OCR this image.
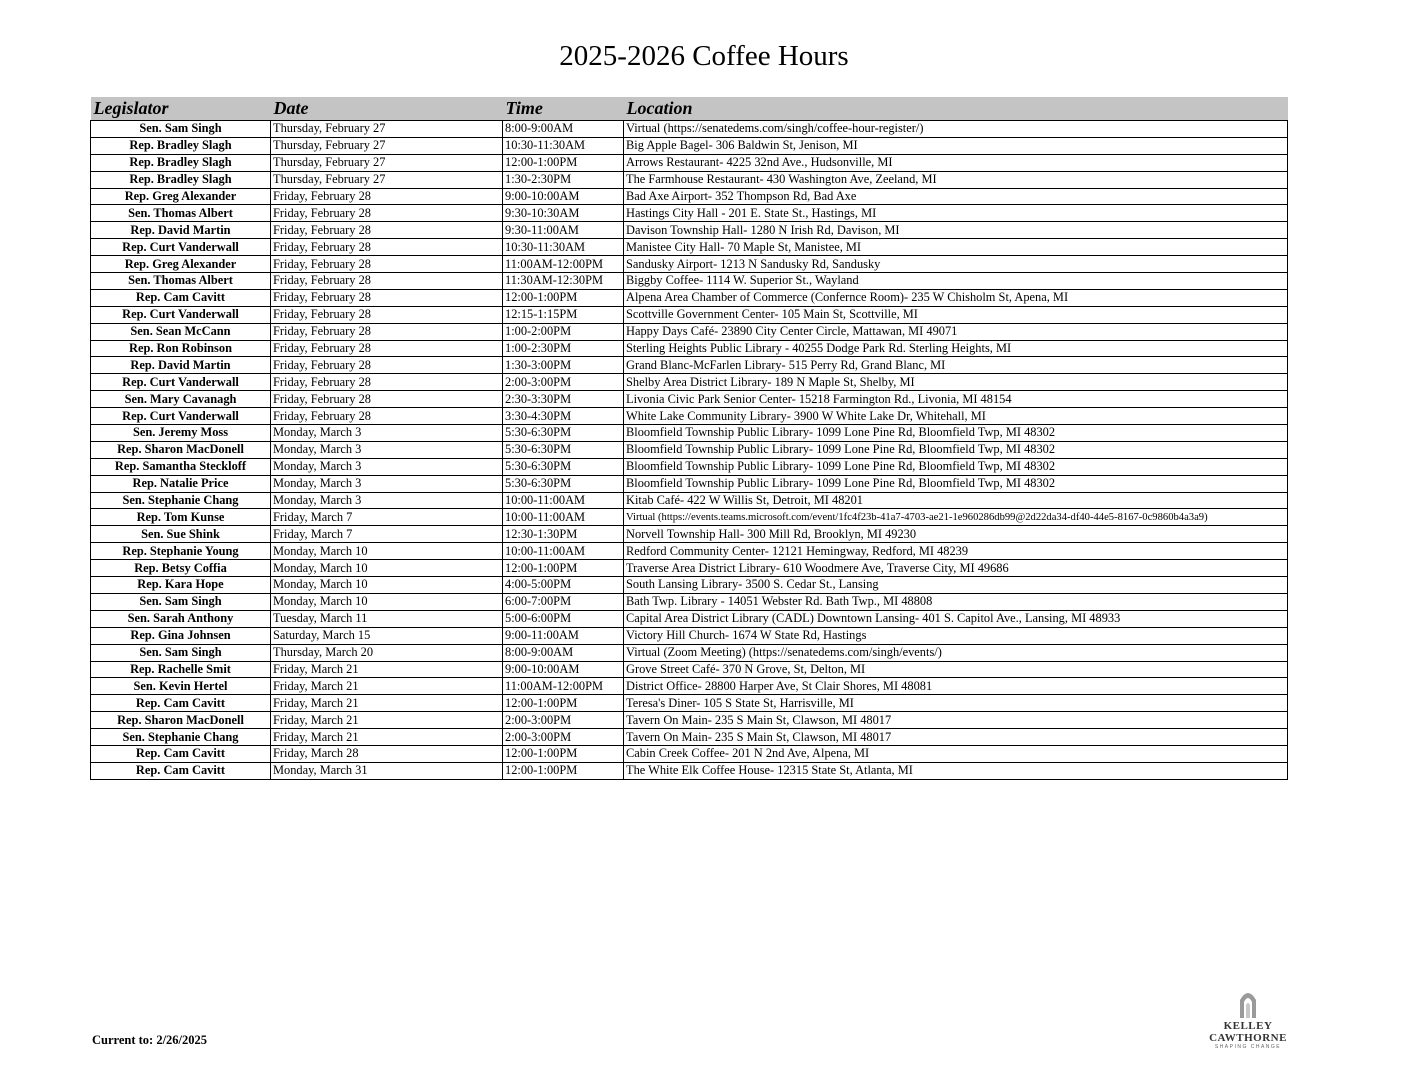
2025-2026 Coffee Hours
Legislator	Date	Time	Location
Sen. Sam Singh	Thursday, February 27	8:00-9:00AM	Virtual (https://senatedems.com/singh/coffee-hour-register/)
Rep. Bradley Slagh	Thursday, February 27	10:30-11:30AM	Big Apple Bagel- 306 Baldwin St, Jenison, MI
Rep. Bradley Slagh	Thursday, February 27	12:00-1:00PM	Arrows Restaurant- 4225 32nd Ave., Hudsonville, MI
Rep. Bradley Slagh	Thursday, February 27	1:30-2:30PM	The Farmhouse Restaurant- 430 Washington Ave, Zeeland, MI
Rep. Greg Alexander	Friday, February 28	9:00-10:00AM	Bad Axe Airport- 352 Thompson Rd, Bad Axe
Sen. Thomas Albert	Friday, February 28	9:30-10:30AM	Hastings City Hall - 201 E. State St., Hastings, MI
Rep. David Martin	Friday, February 28	9:30-11:00AM	Davison Township Hall- 1280 N Irish Rd, Davison, MI
Rep. Curt Vanderwall	Friday, February 28	10:30-11:30AM	Manistee City Hall- 70 Maple St, Manistee, MI
Rep. Greg Alexander	Friday, February 28	11:00AM-12:00PM	Sandusky Airport- 1213 N Sandusky Rd, Sandusky
Sen. Thomas Albert	Friday, February 28	11:30AM-12:30PM	Biggby Coffee- 1114 W. Superior St., Wayland
Rep. Cam Cavitt	Friday, February 28	12:00-1:00PM	Alpena Area Chamber of Commerce (Confernce Room)- 235 W Chisholm St, Apena, MI
Rep. Curt Vanderwall	Friday, February 28	12:15-1:15PM	Scottville Government Center- 105 Main St, Scottville, MI
Sen. Sean McCann	Friday, February 28	1:00-2:00PM	Happy Days Café- 23890 City Center Circle, Mattawan, MI 49071
Rep. Ron Robinson	Friday, February 28	1:00-2:30PM	Sterling Heights Public Library - 40255 Dodge Park Rd. Sterling Heights, MI
Rep. David Martin	Friday, February 28	1:30-3:00PM	Grand Blanc-McFarlen Library- 515 Perry Rd, Grand Blanc, MI
Rep. Curt Vanderwall	Friday, February 28	2:00-3:00PM	Shelby Area District Library- 189 N Maple St, Shelby, MI
Sen. Mary Cavanagh	Friday, February 28	2:30-3:30PM	Livonia Civic Park Senior Center- 15218 Farmington Rd., Livonia, MI 48154
Rep. Curt Vanderwall	Friday, February 28	3:30-4:30PM	White Lake Community Library- 3900 W White Lake Dr, Whitehall, MI
Sen. Jeremy Moss	Monday, March 3	5:30-6:30PM	Bloomfield Township Public Library- 1099 Lone Pine Rd, Bloomfield Twp, MI 48302
Rep. Sharon MacDonell	Monday, March 3	5:30-6:30PM	Bloomfield Township Public Library- 1099 Lone Pine Rd, Bloomfield Twp, MI 48302
Rep. Samantha Steckloff	Monday, March 3	5:30-6:30PM	Bloomfield Township Public Library- 1099 Lone Pine Rd, Bloomfield Twp, MI 48302
Rep. Natalie Price	Monday, March 3	5:30-6:30PM	Bloomfield Township Public Library- 1099 Lone Pine Rd, Bloomfield Twp, MI 48302
Sen. Stephanie Chang	Monday, March 3	10:00-11:00AM	Kitab Café- 422 W Willis St, Detroit, MI 48201
Rep. Tom Kunse	Friday, March 7	10:00-11:00AM	Virtual (https://events.teams.microsoft.com/event/1fc4f23b-41a7-4703-ae21-1e960286db99@2d22da34-df40-44e5-8167-0c9860b4a3a9)
Sen. Sue Shink	Friday, March 7	12:30-1:30PM	Norvell Township Hall- 300 Mill Rd, Brooklyn, MI 49230
Rep. Stephanie Young	Monday, March 10	10:00-11:00AM	Redford Community Center- 12121 Hemingway, Redford, MI 48239
Rep. Betsy Coffia	Monday, March 10	12:00-1:00PM	Traverse Area District Library- 610 Woodmere Ave, Traverse City, MI 49686
Rep. Kara Hope	Monday, March 10	4:00-5:00PM	South Lansing Library- 3500 S. Cedar St., Lansing
Sen. Sam Singh	Monday, March 10	6:00-7:00PM	Bath Twp. Library - 14051 Webster Rd. Bath Twp., MI 48808
Sen. Sarah Anthony	Tuesday, March 11	5:00-6:00PM	Capital Area District Library (CADL) Downtown Lansing- 401 S. Capitol Ave., Lansing, MI 48933
Rep. Gina Johnsen	Saturday, March 15	9:00-11:00AM	Victory Hill Church- 1674 W State Rd, Hastings
Sen. Sam Singh	Thursday, March 20	8:00-9:00AM	Virtual (Zoom Meeting) (https://senatedems.com/singh/events/)
Rep. Rachelle Smit	Friday, March 21	9:00-10:00AM	Grove Street Café- 370 N Grove, St, Delton, MI
Sen. Kevin Hertel	Friday, March 21	11:00AM-12:00PM	District Office- 28800 Harper Ave, St Clair Shores, MI 48081
Rep. Cam Cavitt	Friday, March 21	12:00-1:00PM	Teresa's Diner- 105 S State St, Harrisville, MI
Rep. Sharon MacDonell	Friday, March 21	2:00-3:00PM	Tavern On Main- 235 S Main St, Clawson, MI 48017
Sen. Stephanie Chang	Friday, March 21	2:00-3:00PM	Tavern On Main- 235 S Main St, Clawson, MI 48017
Rep. Cam Cavitt	Friday, March 28	12:00-1:00PM	Cabin Creek Coffee- 201 N 2nd Ave, Alpena, MI
Rep. Cam Cavitt	Monday, March 31	12:00-1:00PM	The White Elk Coffee House- 12315 State St, Atlanta, MI
Current to: 2/26/2025
KELLEY CAWTHORNE
SHAPING CHANGE
